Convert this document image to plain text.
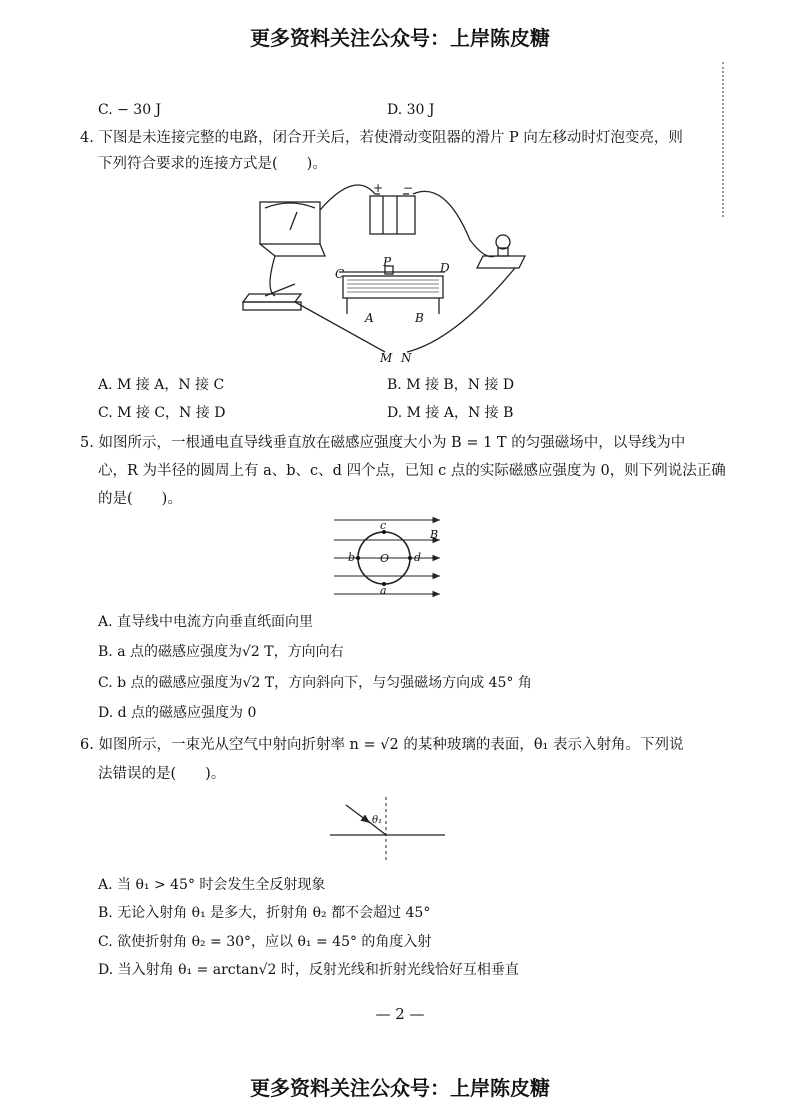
更多资料关注公众号：上岸陈皮糖
C. − 30 J	D. 30 J
4. 下图是未连接完整的电路，闭合开关后，若使滑动变阻器的滑片 P 向左移动时灯泡变亮，则
下列符合要求的连接方式是(　　)。
+ −
P
C	D
A	B
M N
A. M 接 A，N 接 C	B. M 接 B，N 接 D
C. M 接 C，N 接 D	D. M 接 A，N 接 B
5. 如图所示，一根通电直导线垂直放在磁感应强度大小为 B = 1 T 的匀强磁场中，以导线为中
心，R 为半径的圆周上有 a、b、c、d 四个点，已知 c 点的实际磁感应强度为 0，则下列说法正确
的是(　　)。
c
a
b	d
O
B
A. 直导线中电流方向垂直纸面向里
B. a 点的磁感应强度为√2 T，方向向右
C. b 点的磁感应强度为√2 T，方向斜向下，与匀强磁场方向成 45° 角
D. d 点的磁感应强度为 0
6. 如图所示，一束光从空气中射向折射率 n = √2 的某种玻璃的表面，θ₁ 表示入射角。下列说
法错误的是(　　)。
θ₁
A. 当 θ₁ > 45° 时会发生全反射现象
B. 无论入射角 θ₁ 是多大，折射角 θ₂ 都不会超过 45°
C. 欲使折射角 θ₂ = 30°，应以 θ₁ = 45° 的角度入射
D. 当入射角 θ₁ = arctan√2 时，反射光线和折射光线恰好互相垂直
— 2 —
更多资料关注公众号：上岸陈皮糖
